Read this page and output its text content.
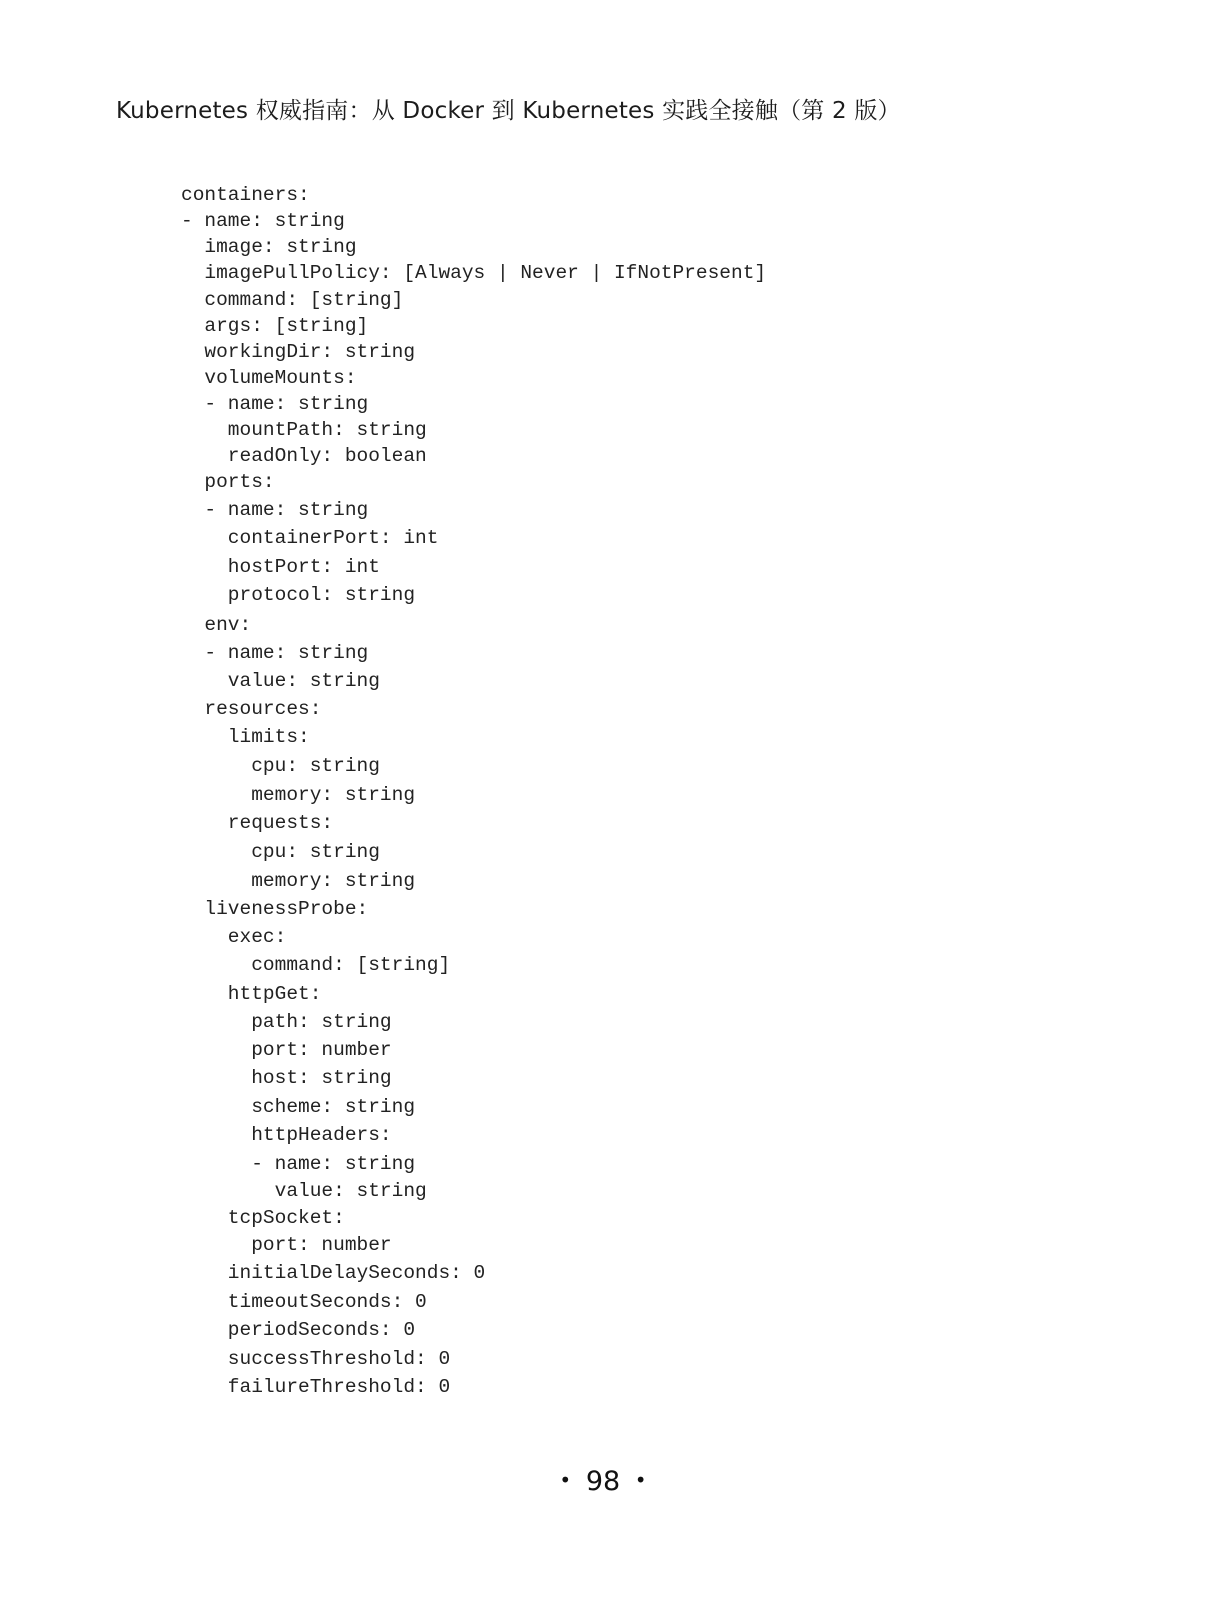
Kubernetes 权威指南：从 Docker 到 Kubernetes 实践全接触（第 2 版）
containers:
- name: string
image: string
imagePullPolicy: [Always | Never | IfNotPresent]
command: [string]
args: [string]
workingDir: string
volumeMounts:
- name: string
mountPath: string
readOnly: boolean
ports:
- name: string
containerPort: int
hostPort: int
protocol: string
env:
- name: string
value: string
resources:
limits:
cpu: string
memory: string
requests:
cpu: string
memory: string
livenessProbe:
exec:
command: [string]
httpGet:
path: string
port: number
host: string
scheme: string
httpHeaders:
- name: string
value: string
tcpSocket:
port: number
initialDelaySeconds: 0
timeoutSeconds: 0
periodSeconds: 0
successThreshold: 0
failureThreshold: 0
• 98 •
